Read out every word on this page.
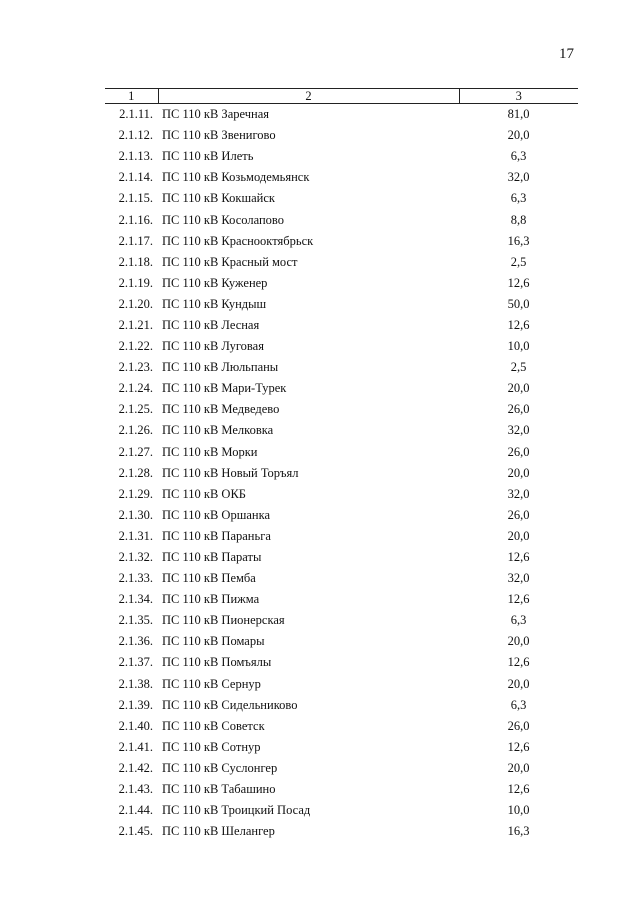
17
1	2	3
2.1.11.	ПС 110 кВ Заречная	81,0
2.1.12.	ПС 110 кВ Звенигово	20,0
2.1.13.	ПС 110 кВ Илеть	6,3
2.1.14.	ПС 110 кВ Козьмодемьянск	32,0
2.1.15.	ПС 110 кВ Кокшайск	6,3
2.1.16.	ПС 110 кВ Косолапово	8,8
2.1.17.	ПС 110 кВ Краснооктябрьск	16,3
2.1.18.	ПС 110 кВ Красный мост	2,5
2.1.19.	ПС 110 кВ Куженер	12,6
2.1.20.	ПС 110 кВ Кундыш	50,0
2.1.21.	ПС 110 кВ Лесная	12,6
2.1.22.	ПС 110 кВ Луговая	10,0
2.1.23.	ПС 110 кВ Люльпаны	2,5
2.1.24.	ПС 110 кВ Мари-Турек	20,0
2.1.25.	ПС 110 кВ Медведево	26,0
2.1.26.	ПС 110 кВ Мелковка	32,0
2.1.27.	ПС 110 кВ Морки	26,0
2.1.28.	ПС 110 кВ Новый Торъял	20,0
2.1.29.	ПС 110 кВ ОКБ	32,0
2.1.30.	ПС 110 кВ Оршанка	26,0
2.1.31.	ПС 110 кВ Параньга	20,0
2.1.32.	ПС 110 кВ Параты	12,6
2.1.33.	ПС 110 кВ Пемба	32,0
2.1.34.	ПС 110 кВ Пижма	12,6
2.1.35.	ПС 110 кВ Пионерская	6,3
2.1.36.	ПС 110 кВ Помары	20,0
2.1.37.	ПС 110 кВ Помъялы	12,6
2.1.38.	ПС 110 кВ Сернур	20,0
2.1.39.	ПС 110 кВ Сидельниково	6,3
2.1.40.	ПС 110 кВ Советск	26,0
2.1.41.	ПС 110 кВ Сотнур	12,6
2.1.42.	ПС 110 кВ Суслонгер	20,0
2.1.43.	ПС 110 кВ Табашино	12,6
2.1.44.	ПС 110 кВ Троицкий Посад	10,0
2.1.45.	ПС 110 кВ Шелангер	16,3
